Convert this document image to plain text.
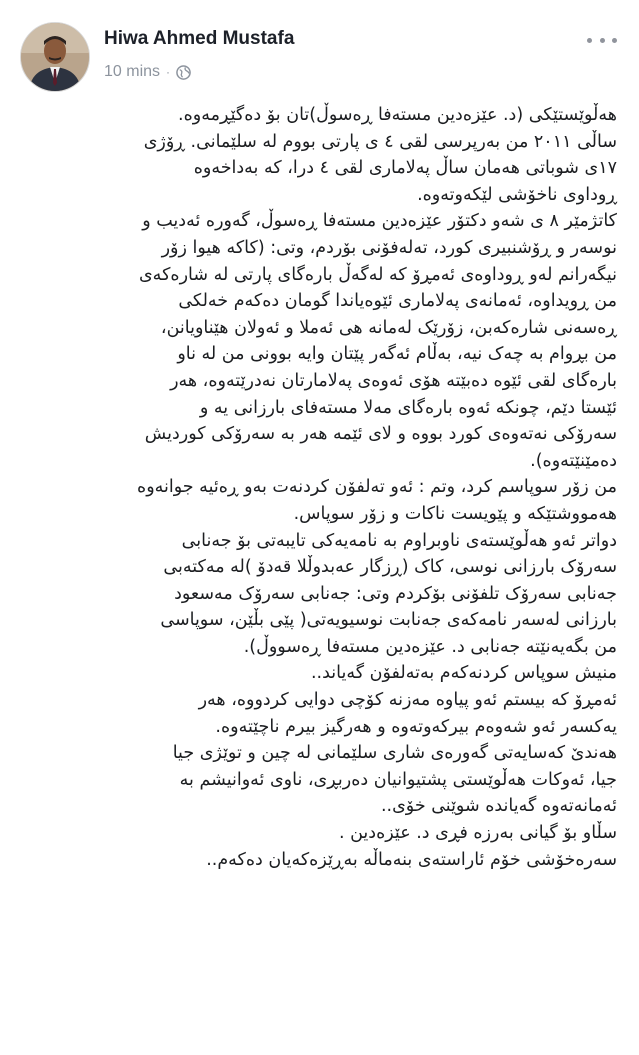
Hiwa Ahmed Mustafa
10 mins ·

هەڵوێستێکی (د. عێزەدین مستەفا ڕەسوڵ)تان بۆ دەگێڕمەوە.

ساڵی ٢٠١١ من بەرپرسی لقی ٤ ی پارتی بووم لە سلێمانی. ڕۆژی

١٧ی شوباتی هەمان ساڵ پەلاماری لقی ٤ درا، کە بەداخەوە

ڕوداوی ناخۆشی لێکەوتەوە.

کاتژمێر ٨ ی شەو دکتۆر عێزەدین مستەفا ڕەسوڵ، گەورە ئەدیب و

نوسەر و ڕۆشنبیری کورد، تەلەفۆنی بۆردم، وتی: (کاکە هیوا زۆر

نیگەرانم لەو ڕوداوەی ئەمڕۆ کە لەگەڵ بارەگای پارتی لە شارەکەی

من ڕویداوە، ئەمانەی پەلاماری ئێوەیاندا گومان دەکەم خەلکی

ڕەسەنی شارەکەبن، زۆرێک لەمانە هی ئەملا و ئەولان هێناویانن،

من بڕوام بە چەک نیە، بەڵام ئەگەر پێتان وایە بوونی من لە ناو

بارەگای لقی ئێوە دەبێتە هۆی ئەوەی پەلامارتان نەدرێتەوە، هەر

ئێستا دێم، چونکە ئەوە بارەگای مەلا مستەفای بارزانی یە و

سەرۆکی نەتەوەی کورد بووە و لای ئێمە هەر بە سەرۆکی کوردیش

دەمێنێتەوە).

من زۆر سوپاسم کرد، وتم : ئەو تەلفۆن کردنەت بەو ڕەئیە جوانەوە

هەمووشتێکە و پێویست ناکات و زۆر سوپاس.

دواتر ئەو هەڵوێستەی ناوبراوم بە نامەیەکی تایبەتی بۆ جەنابی

سەرۆک بارزانی نوسی، کاک (ڕزگار عەبدوڵلا قەدۆ )لە مەکتەبی

جەنابی سەرۆک تلفۆنی بۆکردم وتی: جەنابی سەرۆک مەسعود

بارزانی لەسەر نامەکەی جەنابت نوسیویەتی( پێی بڵێن، سوپاسی

من بگەیەنێتە جەنابی د. عێزەدین مستەفا ڕەسووڵ).

منیش سوپاس کردنەکەم بەتەلفۆن گەیاند..

ئەمڕۆ کە بیستم ئەو پیاوە مەزنە کۆچی دوایی کردووە، هەر

یەکسەر ئەو شەوەم بیرکەوتەوە و هەرگیز بیرم ناچێتەوە.

هەندێ کەسایەتی گەورەی شاری سلێمانی لە چین و توێژی جیا

جیا، ئەوکات هەڵوێستی پشتیوانیان دەربڕی، ناوی ئەوانیشم بە

ئەمانەتەوە گەیاندە شوێنی خۆی..

سڵاو بۆ گیانی بەرزە فڕی د. عێزەدین .

سەرەخۆشی خۆم ئاراستەی بنەماڵە بەڕێزەکەیان دەکەم..
